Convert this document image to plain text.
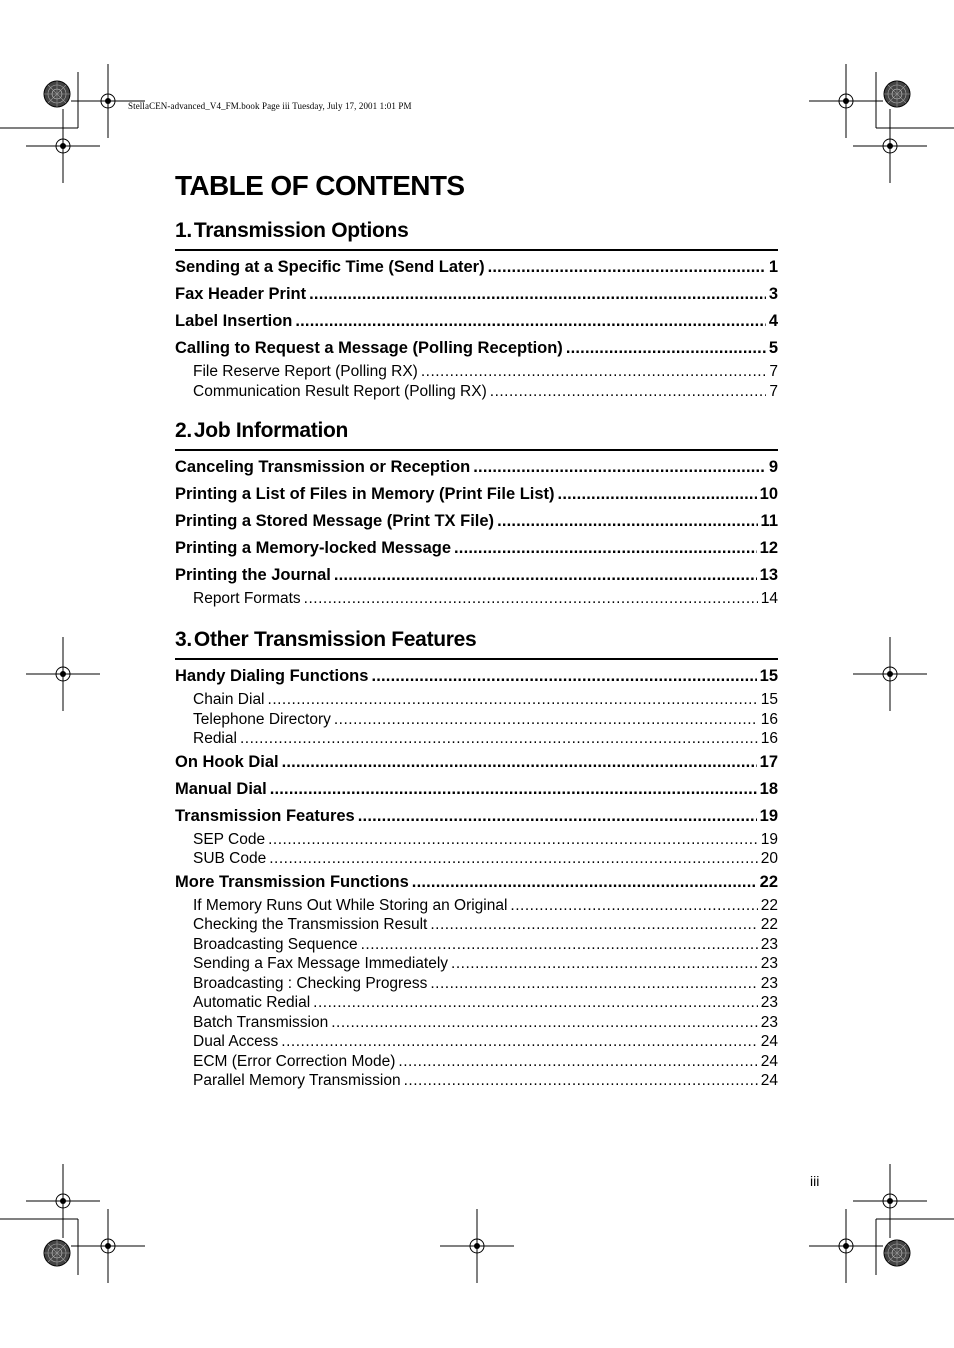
StellaCEN-advanced_V4_FM.book Page iii Tuesday, July 17, 2001 1:01 PM
TABLE OF CONTENTS
1.Transmission Options
Sending at a Specific Time (Send Later) .....	1
Fax Header Print .....	3
Label Insertion .....	4
Calling to Request a Message (Polling Reception) .....	5
File Reserve Report (Polling RX) .....	7
Communication Result Report (Polling RX) .....	7
2.Job Information
Canceling Transmission or Reception .....	9
Printing a List of Files in Memory (Print File List) .....	10
Printing a Stored Message (Print TX File) .....	11
Printing a Memory-locked Message .....	12
Printing the Journal .....	13
Report Formats .....	14
3.Other Transmission Features
Handy Dialing Functions .....	15
Chain Dial .....	15
Telephone Directory .....	16
Redial .....	16
On Hook Dial .....	17
Manual Dial .....	18
Transmission Features .....	19
SEP Code .....	19
SUB Code .....	20
More Transmission Functions .....	22
If Memory Runs Out While Storing an Original .....	22
Checking the Transmission Result .....	22
Broadcasting Sequence .....	23
Sending a Fax Message Immediately .....	23
Broadcasting : Checking Progress .....	23
Automatic Redial .....	23
Batch Transmission .....	23
Dual Access .....	24
ECM (Error Correction Mode) .....	24
Parallel Memory Transmission .....	24
iii
